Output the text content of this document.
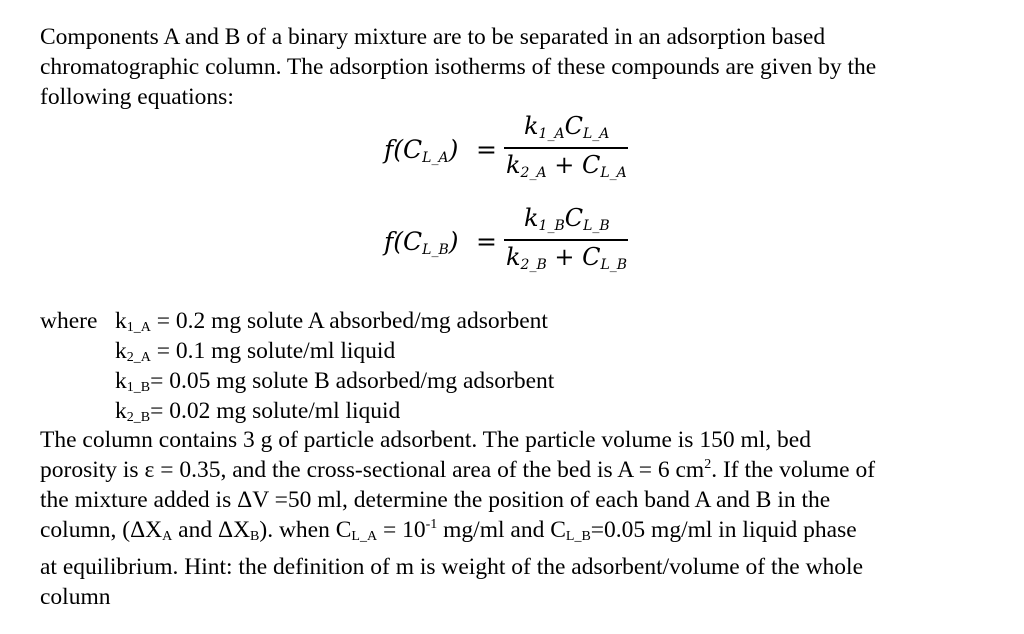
Components A and B of a binary mixture are to be separated in an adsorption based
chromatographic column. The adsorption isotherms of these compounds are given by the
following equations:
$f(C_{L\_A})$ =
$k_{1\_A}C_{L\_A}$
$k_{2\_A} + C_{L\_A}$
$f(C_{L\_B})$ =
$k_{1\_B}C_{L\_B}$
$k_{2\_B} + C_{L\_B}$
where $k_{1\_A} = 0.2$ mg solute A absorbed/mg adsorbent
$k_{2\_A} = 0.1$ mg solute/ml liquid
$k_{1\_B}= 0.05$ mg solute B adsorbed/mg adsorbent
$k_{2\_B}= 0.02$ mg solute/ml liquid
The column contains 3 g of particle adsorbent. The particle volume is 150 ml, bed
porosity is ε = 0.35, and the cross-sectional area of the bed is A = 6 $cm^2$. If the volume of
the mixture added is ΔV =50 ml, determine the position of each band A and B in the
column, ($\Delta X_A$ and $\Delta X_B$). when $C_{L\_A} = 10^{-1}$ mg/ml and $C_{L\_B}=0.05$ mg/ml in liquid phase
at equilibrium. Hint: the definition of m is weight of the adsorbent/volume of the whole
column
